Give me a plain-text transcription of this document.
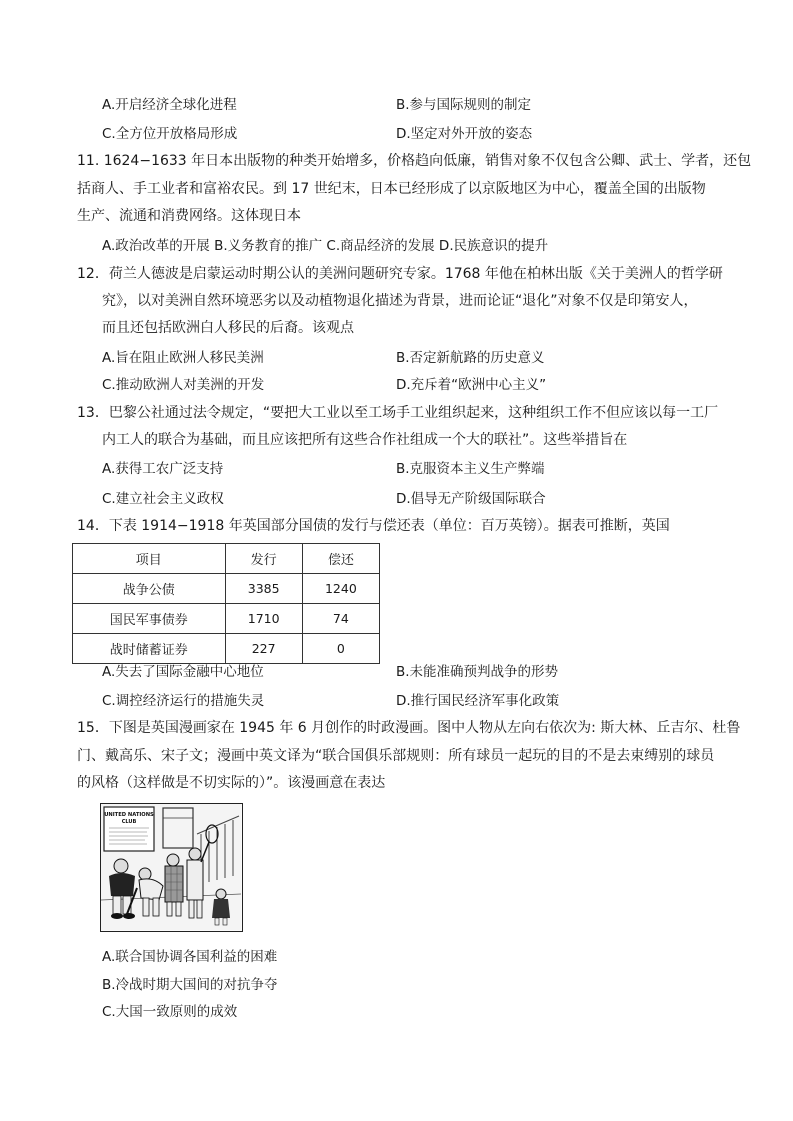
A.开启经济全球化进程	B.参与国际规则的制定
C.全方位开放格局形成	D.坚定对外开放的姿态
11. 1624−1633 年日本出版物的种类开始增多，价格趋向低廉，销售对象不仅包含公卿、武士、学者，还包
括商人、手工业者和富裕农民。到 17 世纪末，日本已经形成了以京阪地区为中心，覆盖全国的出版物
生产、流通和消费网络。这体现日本
A.政治改革的开展 B.义务教育的推广 C.商品经济的发展 D.民族意识的提升
12．荷兰人德波是启蒙运动时期公认的美洲问题研究专家。1768 年他在柏林出版《关于美洲人的哲学研
究》，以对美洲自然环境恶劣以及动植物退化描述为背景，进而论证“退化”对象不仅是印第安人，
而且还包括欧洲白人移民的后裔。该观点
A.旨在阻止欧洲人移民美洲	B.否定新航路的历史意义
C.推动欧洲人对美洲的开发	D.充斥着“欧洲中心主义”
13．巴黎公社通过法令规定，“要把大工业以至工场手工业组织起来，这种组织工作不但应该以每一工厂
内工人的联合为基础，而且应该把所有这些合作社组成一个大的联社”。这些举措旨在
A.获得工农广泛支持	B.克服资本主义生产弊端
C.建立社会主义政权	D.倡导无产阶级国际联合
14．下表 1914−1918 年英国部分国债的发行与偿还表（单位：百万英镑）。据表可推断，英国
项目	发行	偿还
战争公债	3385	1240
国民军事债券	1710	74
战时储蓄证券	227	0
A.失去了国际金融中心地位	B.未能准确预判战争的形势
C.调控经济运行的措施失灵	D.推行国民经济军事化政策
15．下图是英国漫画家在 1945 年 6 月创作的时政漫画。图中人物从左向右依次为: 斯大林、丘吉尔、杜鲁
门、戴高乐、宋子文；漫画中英文译为“联合国俱乐部规则：所有球员一起玩的目的不是去束缚别的球员
的风格（这样做是不切实际的）”。该漫画意在表达
UNITED NATIONS
CLUB
A.联合国协调各国利益的困难
B.冷战时期大国间的对抗争夺
C.大国一致原则的成效
